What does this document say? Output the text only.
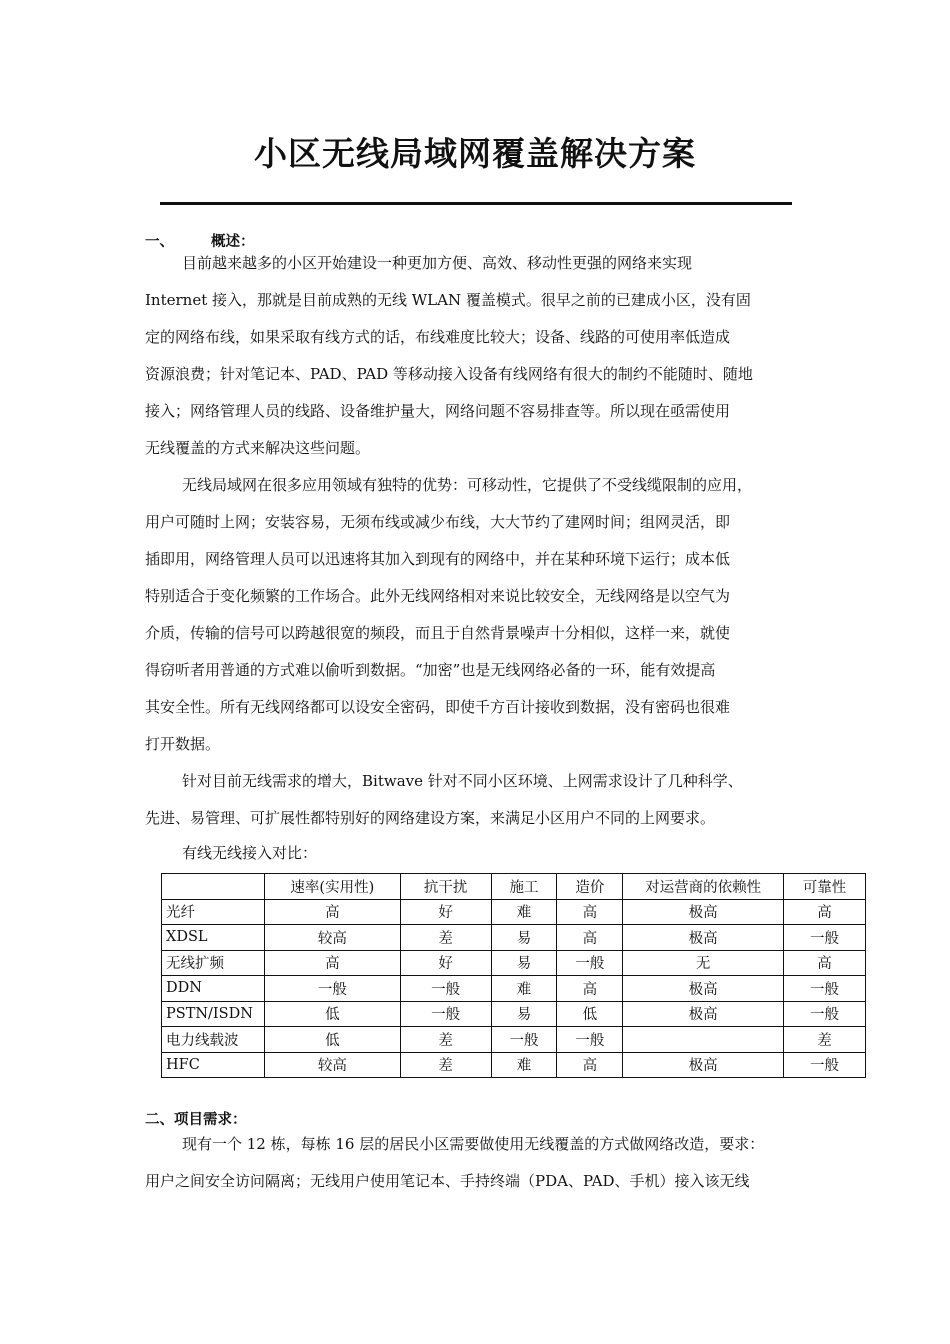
小区无线局域网覆盖解决方案
一、	概述：
目前越来越多的小区开始建设一种更加方便、高效、移动性更强的网络来实现
Internet 接入，那就是目前成熟的无线 WLAN 覆盖模式。很早之前的已建成小区，没有固
定的网络布线，如果采取有线方式的话，布线难度比较大；设备、线路的可使用率低造成
资源浪费；针对笔记本、PAD、PAD 等移动接入设备有线网络有很大的制约不能随时、随地
接入；网络管理人员的线路、设备维护量大，网络问题不容易排查等。所以现在亟需使用
无线覆盖的方式来解决这些问题。
无线局域网在很多应用领域有独特的优势：可移动性，它提供了不受线缆限制的应用，
用户可随时上网；安装容易，无须布线或减少布线，大大节约了建网时间；组网灵活，即
插即用，网络管理人员可以迅速将其加入到现有的网络中，并在某种环境下运行；成本低
特别适合于变化频繁的工作场合。此外无线网络相对来说比较安全，无线网络是以空气为
介质，传输的信号可以跨越很宽的频段，而且于自然背景噪声十分相似，这样一来，就使
得窃听者用普通的方式难以偷听到数据。“加密”也是无线网络必备的一环，能有效提高
其安全性。所有无线网络都可以设安全密码，即使千方百计接收到数据，没有密码也很难
打开数据。
针对目前无线需求的增大，Bitwave 针对不同小区环境、上网需求设计了几种科学、
先进、易管理、可扩展性都特别好的网络建设方案，来满足小区用户不同的上网要求。
有线无线接入对比：
	速率(实用性)	抗干扰	施工	造价	对运营商的依赖性	可靠性
光纤	高	好	难	高	极高	高
XDSL	较高	差	易	高	极高	一般
无线扩频	高	好	易	一般	无	高
DDN	一般	一般	难	高	极高	一般
PSTN/ISDN	低	一般	易	低	极高	一般
电力线载波	低	差	一般	一般		差
HFC	较高	差	难	高	极高	一般
二、项目需求：
现有一个 12 栋，每栋 16 层的居民小区需要做使用无线覆盖的方式做网络改造，要求：
用户之间安全访问隔离；无线用户使用笔记本、手持终端（PDA、PAD、手机）接入该无线
